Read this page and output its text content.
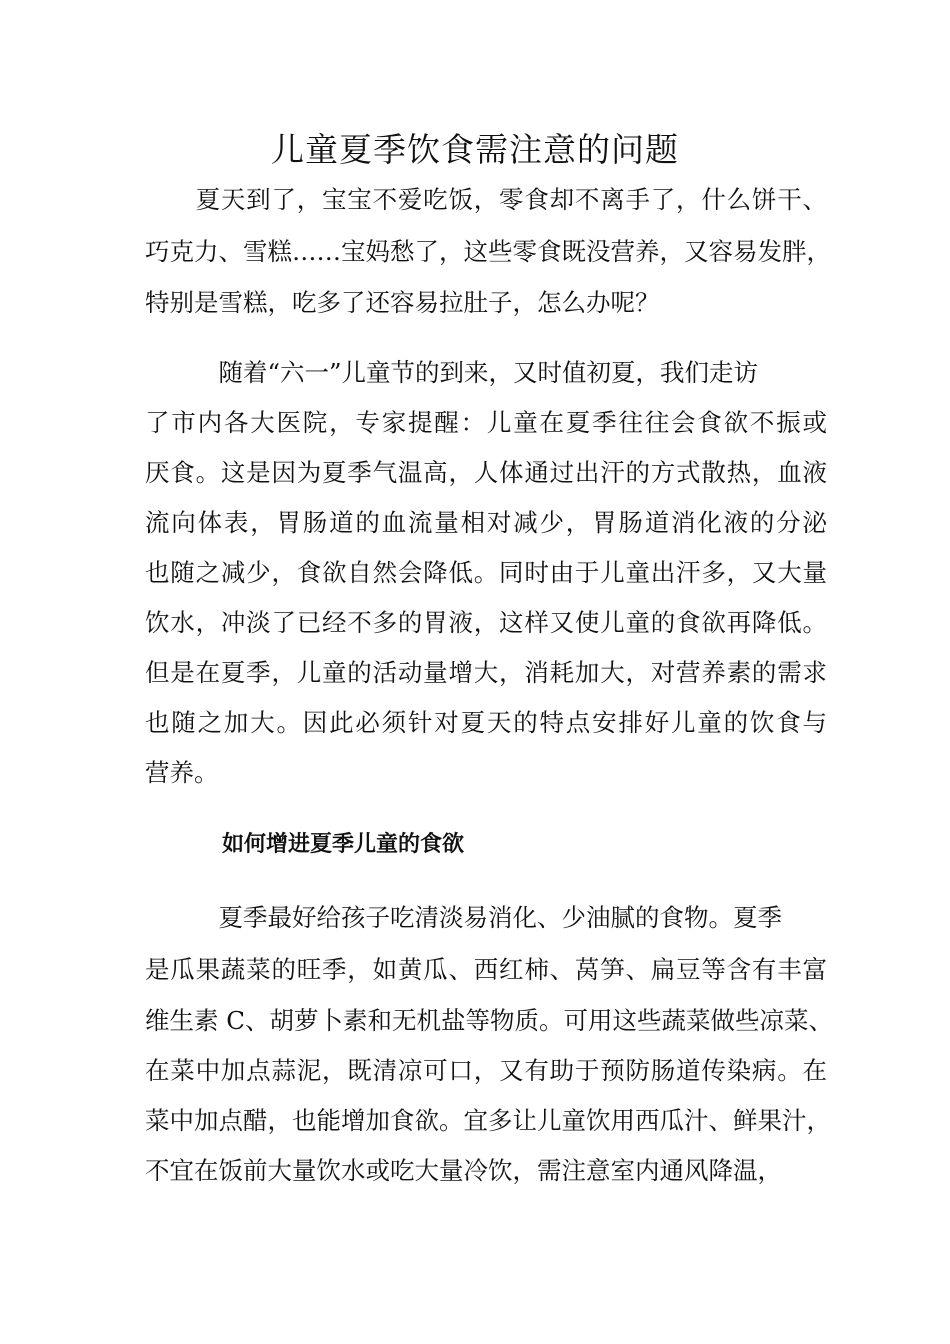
儿童夏季饮食需注意的问题

　　夏天到了，宝宝不爱吃饭，零食却不离手了，什么饼干、

巧克力、雪糕……宝妈愁了，这些零食既没营养，又容易发胖，

特别是雪糕，吃多了还容易拉肚子，怎么办呢？

　　　随着“六一”儿童节的到来，又时值初夏，我们走访

了市内各大医院，专家提醒：儿童在夏季往往会食欲不振或

厌食。这是因为夏季气温高，人体通过出汗的方式散热，血液

流向体表，胃肠道的血流量相对减少，胃肠道消化液的分泌

也随之减少，食欲自然会降低。同时由于儿童出汗多，又大量

饮水，冲淡了已经不多的胃液，这样又使儿童的食欲再降低。

但是在夏季，儿童的活动量增大，消耗加大，对营养素的需求

也随之加大。因此必须针对夏天的特点安排好儿童的饮食与

营养。

如何增进夏季儿童的食欲

　　　夏季最好给孩子吃清淡易消化、少油腻的食物。夏季

是瓜果蔬菜的旺季，如黄瓜、西红柿、莴笋、扁豆等含有丰富

维生素 C、胡萝卜素和无机盐等物质。可用这些蔬菜做些凉菜、

在菜中加点蒜泥，既清凉可口，又有助于预防肠道传染病。在

菜中加点醋，也能增加食欲。宜多让儿童饮用西瓜汁、鲜果汁，

不宜在饭前大量饮水或吃大量冷饮，需注意室内通风降温，
